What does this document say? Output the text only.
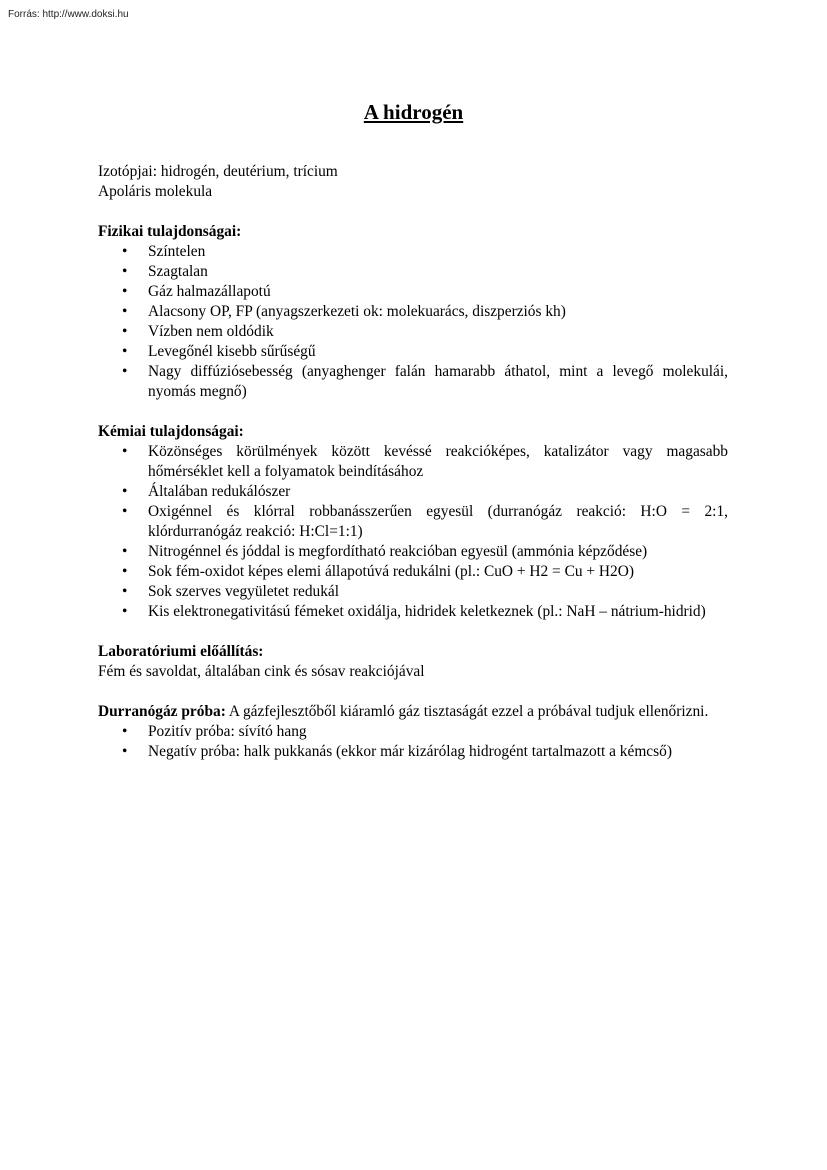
Forrás: http://www.doksi.hu
A hidrogén

Izotópjai: hidrogén, deutérium, trícium

Apoláris molekula

Fizikai tulajdonságai:

• Színtelen
• Szagtalan
• Gáz halmazállapotú
• Alacsony OP, FP (anyagszerkezeti ok: molekuarács, diszperziós kh)
• Vízben nem oldódik
• Levegőnél kisebb sűrűségű
• Nagy diffúziósebesség (anyaghenger falán hamarabb áthatol, mint a levegő molekulái, nyomás megnő)

Kémiai tulajdonságai:

• Közönséges körülmények között kevéssé reakcióképes, katalizátor vagy magasabb hőmérséklet kell a folyamatok beindításához
• Általában redukálószer
• Oxigénnel és klórral robbanásszerűen egyesül (durranógáz reakció: H:O = 2:1, klórdurranógáz reakció: H:Cl=1:1)
• Nitrogénnel és jóddal is megfordítható reakcióban egyesül (ammónia képződése)
• Sok fém-oxidot képes elemi állapotúvá redukálni (pl.: CuO + H2 = Cu + H2O)
• Sok szerves vegyületet redukál
• Kis elektronegativitású fémeket oxidálja, hidridek keletkeznek (pl.: NaH – nátrium-hidrid)

Laboratóriumi előállítás:

Fém és savoldat, általában cink és sósav reakciójával

Durranógáz próba: A gázfejlesztőből kiáramló gáz tisztaságát ezzel a próbával tudjuk ellenőrizni.

• Pozitív próba: sívító hang
• Negatív próba: halk pukkanás (ekkor már kizárólag hidrogént tartalmazott a kémcső)
